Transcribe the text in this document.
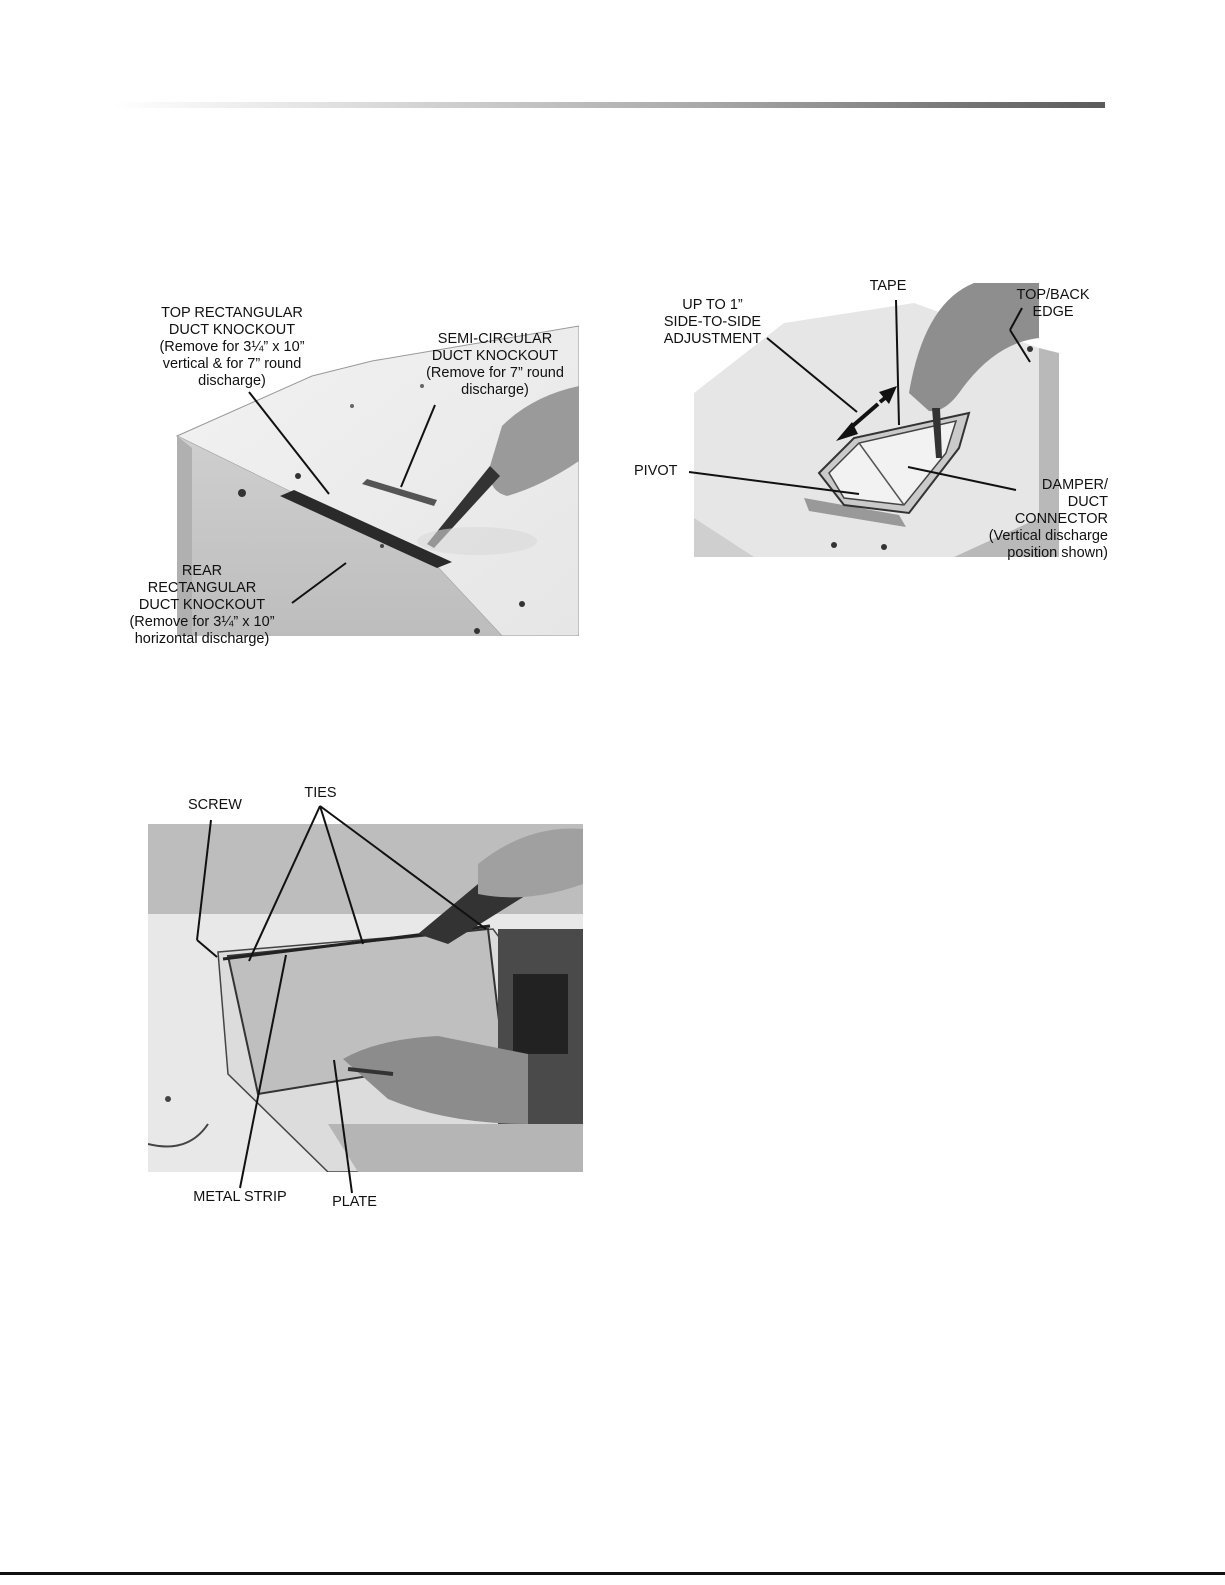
TOP RECTANGULAR
DUCT KNOCKOUT
(Remove for 3¼” x 10”
vertical & for 7” round
discharge)
SEMI-CIRCULAR
DUCT KNOCKOUT
(Remove for 7” round
discharge)
REAR
RECTANGULAR
DUCT KNOCKOUT
(Remove for 3¼” x 10”
horizontal discharge)
UP TO 1”
SIDE-TO-SIDE
ADJUSTMENT
TAPE
TOP/BACK
EDGE
PIVOT
DAMPER/
DUCT
CONNECTOR
(Vertical discharge
position shown)
SCREW
TIES
METAL STRIP	PLATE
